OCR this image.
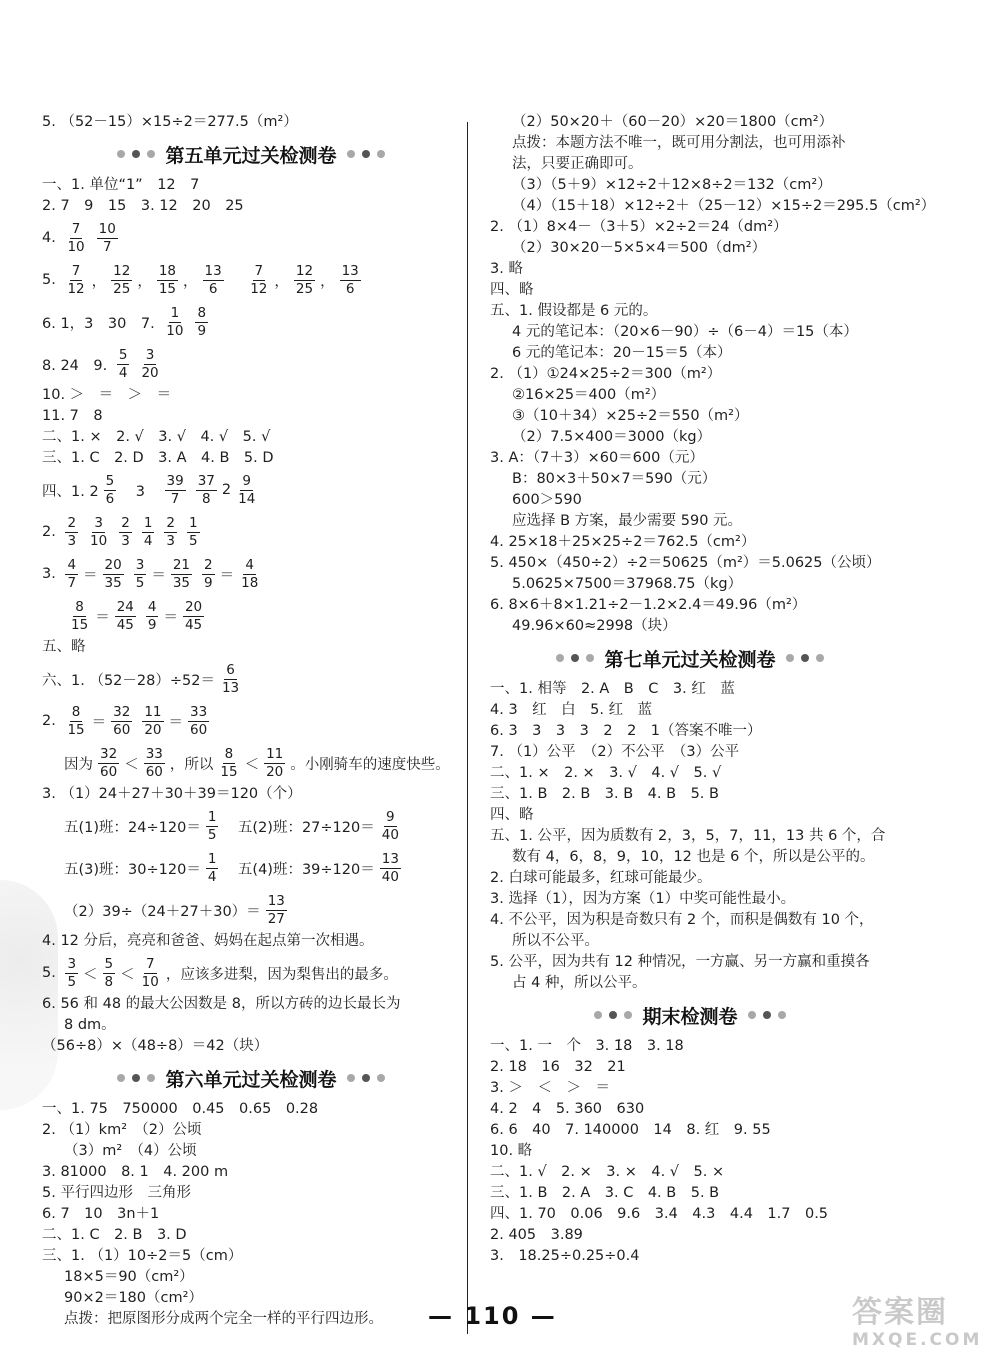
5. （52－15）×15÷2＝277.5（m²）
第五单元过关检测卷
一、1. 单位“1”　12　7
2. 7　9　15　3. 12　20　25
4. $\frac{7}{10} \frac{10}{7}$
5. $\frac{7}{12}$ ， $\frac{12}{25}$ ， $\frac{18}{15}$ ， $\frac{13}{6}$
　 $\frac{7}{12}$ ， $\frac{12}{25}$ ， $\frac{13}{6}$
6. 1，3　30　7. $\frac{1}{10} \frac{8}{9}$
8. 24　9. $\frac{5}{4} \frac{3}{20}$
10. ＞　＝　＞　＝
11. 7　8
二、1. ×　2. √　3. √　4. √　5. √
三、1. C　2. D　3. A　4. B　5. D
四、1. $2 \frac{5}{6}$ 　3　 $\frac{39}{7} \frac{37}{8} 2 \frac{9}{14}$
2. $\frac{2}{3} \frac{3}{10} \frac{2}{3} \frac{1}{4} \frac{2}{3} \frac{1}{5}$
3. $\frac{4}{7} = \frac{20}{35} \frac{3}{5} = \frac{21}{35} \frac{2}{9} = \frac{4}{18}$
$\frac{8}{15} = \frac{24}{45} \frac{4}{9} = \frac{20}{45}$
五、略
六、1. $(52-28)\div 52= \frac{6}{13}$
2. $\frac{8}{15} = \frac{32}{60} \frac{11}{20} = \frac{33}{60}$
因为 $\frac{32}{60} < \frac{33}{60}$ ，所以 $\frac{8}{15} < \frac{11}{20}$ 。小刚骑车的速度快些。
3. （1）24＋27＋30＋39＝120（个）
五(1)班：$24\div 120= \frac{1}{5}$ 　五(2)班：$27\div 120= \frac{9}{40}$
五(3)班：$30\div 120= \frac{1}{4}$ 　五(4)班：$39\div 120= \frac{13}{40}$
$(2)39\div(24+27+30)= \frac{13}{27}$
4. 12 分后，亮亮和爸爸、妈妈在起点第一次相遇。
5. $\frac{3}{5} < \frac{5}{8} < \frac{7}{10}$ ，应该多进梨，因为梨售出的最多。
6. 56 和 48 的最大公因数是 8，所以方砖的边长最长为
8 dm。
（56÷8）×（48÷8）＝42（块）
第六单元过关检测卷
一、1. 75　750000　0.45　0.65　0.28
2. （1）km²　（2）公顷
（3）m²　（4）公顷
3. 81000　8. 1　4. 200 m
5. 平行四边形　三角形
6. 7　10　3n＋1
二、1. C　2. B　3. D
三、1. （1）10÷2＝5（cm）
18×5＝90（cm²）
90×2＝180（cm²）
点拨：把原图形分成两个完全一样的平行四边形。
（2）50×20＋（60－20）×20＝1800（cm²）
点拨：本题方法不唯一，既可用分割法，也可用添补
法，只要正确即可。
（3）（5＋9）×12÷2＋12×8÷2＝132（cm²）
（4）（15＋18）×12÷2＋（25－12）×15÷2＝295.5（cm²）
2. （1）8×4－（3＋5）×2÷2＝24（dm²）
（2）30×20－5×5×4＝500（dm²）
3. 略
四、略
五、1. 假设都是 6 元的。
4 元的笔记本：（20×6－90）÷（6－4）＝15（本）
6 元的笔记本：20－15＝5（本）
2. （1）①24×25÷2＝300（m²）
②16×25＝400（m²）
③（10＋34）×25÷2＝550（m²）
（2）7.5×400＝3000（kg）
3. A：（7＋3）×60＝600（元）
B：80×3＋50×7＝590（元）
600＞590
应选择 B 方案，最少需要 590 元。
4. 25×18＋25×25÷2＝762.5（cm²）
5. 450×（450÷2）÷2＝50625（m²）＝5.0625（公顷）
5.0625×7500＝37968.75（kg）
6. 8×6＋8×1.21÷2－1.2×2.4＝49.96（m²）
49.96×60≈2998（块）
第七单元过关检测卷
一、1. 相等　2. A　B　C　3. 红　蓝
4. 3　红　白　5. 红　蓝
6. 3　3　3　3　2　2　1（答案不唯一）
7. （1）公平　（2）不公平　（3）公平
二、1. ×　2. ×　3. √　4. √　5. √
三、1. B　2. B　3. B　4. B　5. B
四、略
五、1. 公平，因为质数有 2，3，5，7，11，13 共 6 个，合
数有 4，6，8，9，10，12 也是 6 个，所以是公平的。
2. 白球可能最多，红球可能最少。
3. 选择（1），因为方案（1）中奖可能性最小。
4. 不公平，因为积是奇数只有 2 个，而积是偶数有 10 个，
所以不公平。
5. 公平，因为共有 12 种情况，一方赢、另一方赢和重摸各
占 4 种，所以公平。
期末检测卷
一、1. 一　个　3. 1̇8̇　3. 18
2. 18　16　32　21
3. ＞　＜　＞　＝
4. 2　4　5. 360　630
6. 6　40　7. 140000　14　8. 红　9. 55
10. 略
二、1. √　2. ×　3. ×　4. √　5. ×
三、1. B　2. A　3. C　4. B　5. B
四、1. 70　0.06　9.6　3.4　4.3　4.4　1.7　0.5
2. 405　3.89
3.　18.25÷0.25÷0.4
— 110 —	答案圈
MXQE.COM
